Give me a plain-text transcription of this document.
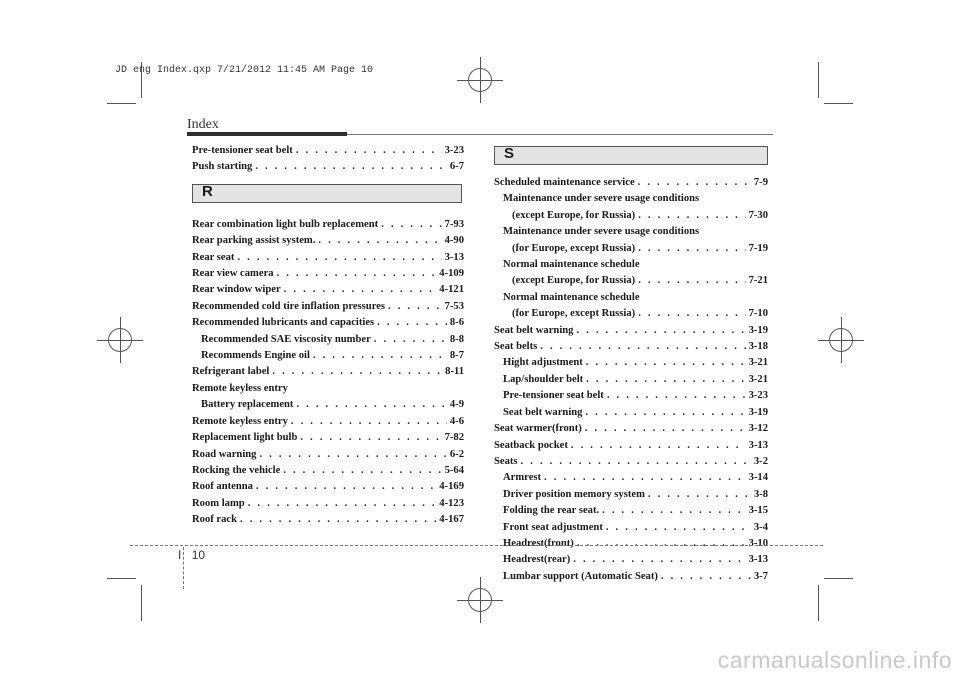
JD eng Index.qxp 7/21/2012 11:45 AM Page 10
Index
Pre-tensioner seat belt . . .	3-23
Push starting . . .	6-7
R
Rear combination light bulb replacement . . .	7-93
Rear parking assist system. . . .	4-90
Rear seat . . .	3-13
Rear view camera . . .	4-109
Rear window wiper . . .	4-121
Recommended cold tire inflation pressures . . .	7-53
Recommended lubricants and capacities . . .	8-6
Recommended SAE viscosity number . . .	8-8
Recommends Engine oil . . .	8-7
Refrigerant label . . .	8-11
Remote keyless entry
Battery replacement . . .	4-9
Remote keyless entry . . .	4-6
Replacement light bulb . . .	7-82
Road warning . . .	6-2
Rocking the vehicle . . .	5-64
Roof antenna . . .	4-169
Room lamp . . .	4-123
Roof rack . . .	4-167
S
Scheduled maintenance service . . .	7-9
Maintenance under severe usage conditions
(except Europe, for Russia) . . .	7-30
Maintenance under severe usage conditions
(for Europe, except Russia) . . .	7-19
Normal maintenance schedule
(except Europe, for Russia) . . .	7-21
Normal maintenance schedule
(for Europe, except Russia) . . .	7-10
Seat belt warning . . .	3-19
Seat belts . . .	3-18
Hight adjustment . . .	3-21
Lap/shoulder belt . . .	3-21
Pre-tensioner seat belt . . .	3-23
Seat belt warning . . .	3-19
Seat warmer(front) . . .	3-12
Seatback pocket . . .	3-13
Seats . . .	3-2
Armrest . . .	3-14
Driver position memory system . . .	3-8
Folding the rear seat. . . .	3-15
Front seat adjustment . . .	3-4
Headrest(front) . . .	3-10
Headrest(rear) . . .	3-13
Lumbar support (Automatic Seat) . . .	3-7
I 10
carmanualsonline.info
